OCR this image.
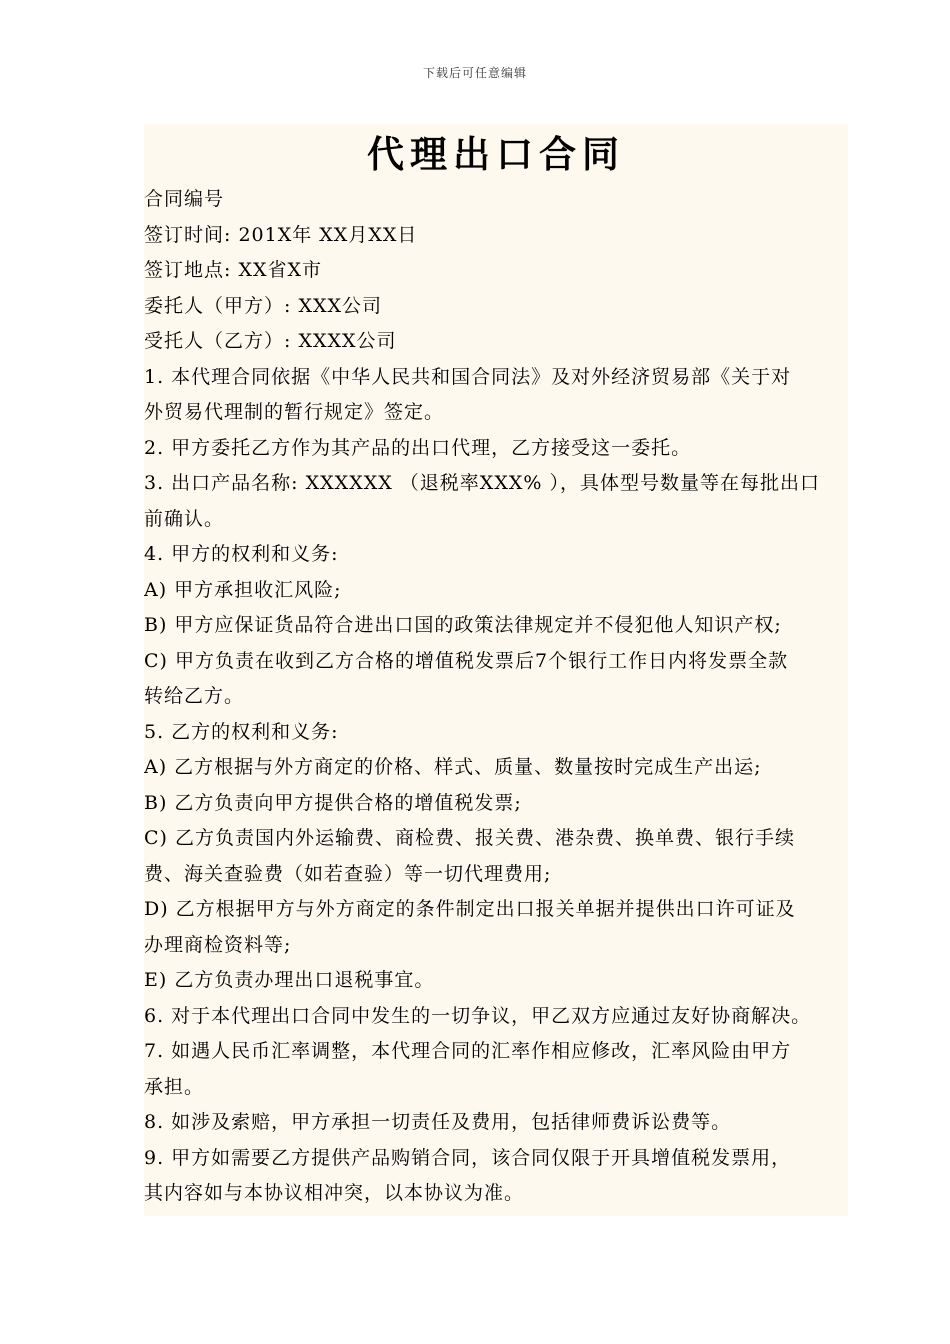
下载后可任意编辑
代理出口合同
合同编号
签订时间: 201X年 XX月XX日
签订地点: XX省X市
委托人（甲方）: XXX公司
受托人（乙方）: XXXX公司
1. 本代理合同依据《中华人民共和国合同法》及对外经济贸易部《关于对
外贸易代理制的暂行规定》签定。
2. 甲方委托乙方作为其产品的出口代理，乙方接受这一委托。
3. 出口产品名称: XXXXXX （退税率XXX% ），具体型号数量等在每批出口
前确认。
4. 甲方的权利和义务:
A) 甲方承担收汇风险;
B) 甲方应保证货品符合进出口国的政策法律规定并不侵犯他人知识产权;
C) 甲方负责在收到乙方合格的增值税发票后7个银行工作日内将发票全款
转给乙方。
5. 乙方的权利和义务:
A) 乙方根据与外方商定的价格、样式、质量、数量按时完成生产出运;
B) 乙方负责向甲方提供合格的增值税发票;
C) 乙方负责国内外运输费、商检费、报关费、港杂费、换单费、银行手续
费、海关查验费（如若查验）等一切代理费用;
D) 乙方根据甲方与外方商定的条件制定出口报关单据并提供出口许可证及
办理商检资料等;
E) 乙方负责办理出口退税事宜。
6. 对于本代理出口合同中发生的一切争议，甲乙双方应通过友好协商解决。
7. 如遇人民币汇率调整，本代理合同的汇率作相应修改，汇率风险由甲方
承担。
8. 如涉及索赔，甲方承担一切责任及费用，包括律师费诉讼费等。
9. 甲方如需要乙方提供产品购销合同，该合同仅限于开具增值税发票用，
其内容如与本协议相冲突，以本协议为准。
